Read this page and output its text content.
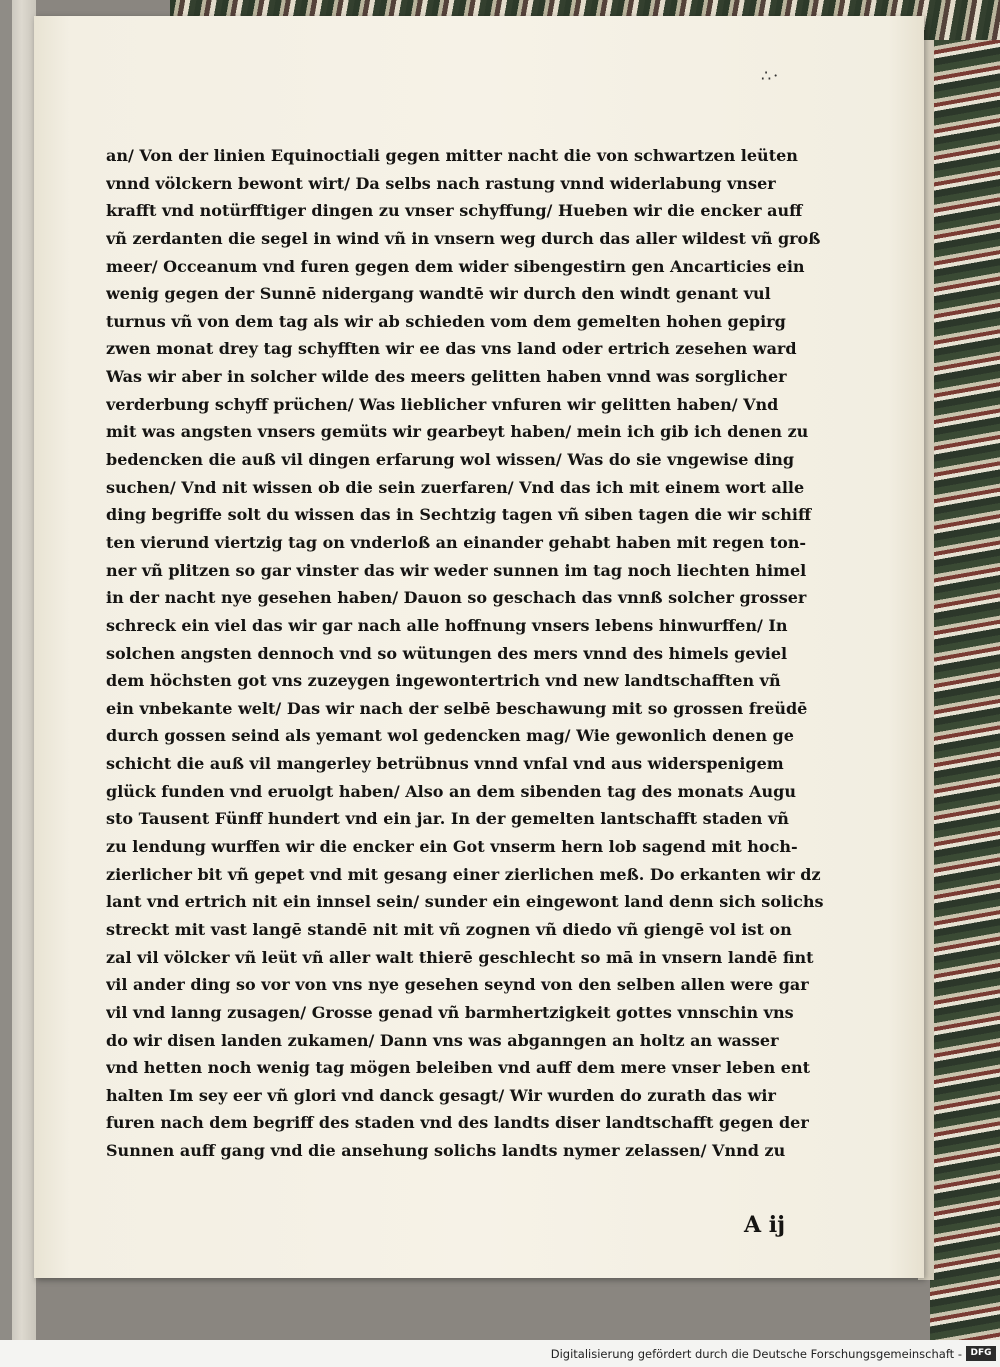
∴·
an/ Von der linien Equinoctiali gegen mitter nacht die von schwartzen leüten
vnnd völckern bewont wirt/ Da selbs nach rastung vnnd widerlabung vnser
krafft vnd notürfftiger dingen zu vnser schyffung/ Hueben wir die encker auff
vñ zerdanten die segel in wind vñ in vnsern weg durch das aller wildest vñ groß
meer/ Occeanum vnd furen gegen dem wider sibengestirn gen Ancarticies ein
wenig gegen der Sunnē nidergang wandtē wir durch den windt genant vul
turnus vñ von dem tag als wir ab schieden vom dem gemelten hohen gepirg
zwen monat drey tag schyfften wir ee das vns land oder ertrich zesehen ward
Was wir aber in solcher wilde des meers gelitten haben vnnd was sorglicher
verderbung schyff prüchen/ Was lieblicher vnfuren wir gelitten haben/ Vnd
mit was angsten vnsers gemüts wir gearbeyt haben/ mein ich gib ich denen zu
bedencken die auß vil dingen erfarung wol wissen/ Was do sie vngewise ding
suchen/ Vnd nit wissen ob die sein zuerfaren/ Vnd das ich mit einem wort alle
ding begriffe solt du wissen das in Sechtzig tagen vñ siben tagen die wir schiff
ten vierund viertzig tag on vnderloß an einander gehabt haben mit regen ton-
ner vñ plitzen so gar vinster das wir weder sunnen im tag noch liechten himel
in der nacht nye gesehen haben/ Dauon so geschach das vnnß solcher grosser
schreck ein viel das wir gar nach alle hoffnung vnsers lebens hinwurffen/ In
solchen angsten dennoch vnd so wütungen des mers vnnd des himels geviel
dem höchsten got vns zuzeygen ingewontertrich vnd new landtschafften vñ
ein vnbekante welt/ Das wir nach der selbē beschawung mit so grossen freüdē
durch gossen seind als yemant wol gedencken mag/ Wie gewonlich denen ge
schicht die auß vil mangerley betrübnus vnnd vnfal vnd aus widerspenigem
glück funden vnd eruolgt haben/ Also an dem sibenden tag des monats Augu
sto Tausent Fünff hundert vnd ein jar. In der gemelten lantschafft staden vñ
zu lendung wurffen wir die encker ein Got vnserm hern lob sagend mit hoch-
zierlicher bit vñ gepet vnd mit gesang einer zierlichen meß. Do erkanten wir dz
lant vnd ertrich nit ein innsel sein/ sunder ein eingewont land denn sich solichs
streckt mit vast langē standē nit mit vñ zognen vñ diedo vñ giengē vol ist on
zal vil völcker vñ leüt vñ aller walt thierē geschlecht so mā in vnsern landē fint
vil ander ding so vor von vns nye gesehen seynd von den selben allen were gar
vil vnd lanng zusagen/ Grosse genad vñ barmhertzigkeit gottes vnnschin vns
do wir disen landen zukamen/ Dann vns was abganngen an holtz an wasser
vnd hetten noch wenig tag mögen beleiben vnd auff dem mere vnser leben ent
halten Im sey eer vñ glori vnd danck gesagt/ Wir wurden do zurath das wir
furen nach dem begriff des staden vnd des landts diser landtschafft gegen der
Sunnen auff gang vnd die ansehung solichs landts nymer zelassen/ Vnnd zu
A ij
Digitalisierung gefördert durch die Deutsche Forschungsgemeinschaft - DFG
